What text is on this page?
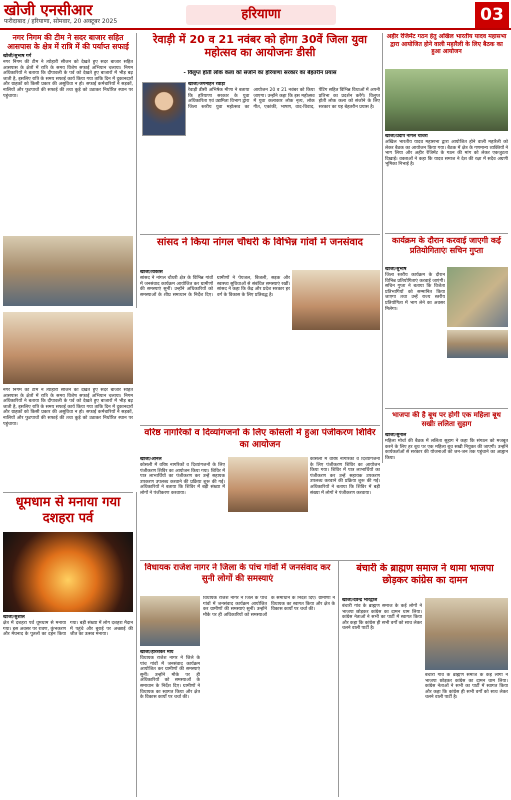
खोजी एनसीआर
फरीदाबाद / हरियाणा, सोमवार, 20 अक्टूबर 2025	हरियाणा	03
नगर निगम की टीम ने सदर बाजार सहित आसपास के क्षेत्र में रात्रि में की पर्याप्त सफाई
खोजी/सुभाष गर्ग
नगर निगम की टीम ने त्योहारी सीजन को देखते हुए सदर बाजार सहित आसपास के क्षेत्रों में रात्रि के समय विशेष सफाई अभियान चलाया। निगम अधिकारियों ने बताया कि दीपावली के पर्व को देखते हुए बाजारों में भीड़ बढ़ जाती है, इसलिए रात्रि के समय सफाई कार्य किया गया ताकि दिन में दुकानदारों और ग्राहकों को किसी प्रकार की असुविधा न हो। सफाई कर्मचारियों ने सड़कों, नालियों और फुटपाथों की सफाई की तथा कूड़े को उठाकर निर्धारित स्थान पर पहुंचाया।
रेवाड़ी में 20 व 21 नवंबर को होगा 30वें जिला युवा महोत्सव का आयोजनः डीसी
- विलुप्त होती लोक कला को संजोने का हरियाणा सरकार का बेहतरीन प्रयास
खोजी/जगमोहन रेवाड़ी
रेवाड़ी डीसी अभिषेक मीणा ने बताया कि हरियाणा सरकार के युवा अधिकारिता एवं उद्यमिता विभाग द्वारा जिला स्तरीय युवा महोत्सव का आयोजन 20 व 21 नवंबर को किया जाएगा। उन्होंने कहा कि इस महोत्सव में युवा कलाकार लोक नृत्य, लोक गीत, एकांकी, भाषण, वाद-विवाद, पेंटिंग सहित विभिन्न विधाओं में अपनी प्रतिभा का प्रदर्शन करेंगे। विलुप्त होती लोक कला को संजोने के लिए सरकार का यह बेहतरीन प्रयास है।
अहीर रेजिमेंट गठन हेतु अखिल भारतीय यादव महासभा द्वारा आयोजित होने वाली महारैली के लिए बैठक का हुआ आयोजन
खोजी/प्रदीप नांगल चौधरी
अखिल भारतीय यादव महासभा द्वारा आयोजित होने वाली महारैली को लेकर बैठक का आयोजन किया गया। बैठक में क्षेत्र के गणमान्य व्यक्तियों ने भाग लिया और अहीर रेजिमेंट के गठन की मांग को लेकर एकजुटता दिखाई। वक्ताओं ने कहा कि यादव समाज ने देश की रक्षा में सदैव अग्रणी भूमिका निभाई है।
सांसद ने किया नांगल चौधरी के विभिन्न गांवों में जनसंवाद
खोजी/विकास
सांसद ने नांगल चौधरी क्षेत्र के विभिन्न गांवों में जनसंवाद कार्यक्रम आयोजित कर ग्रामीणों की समस्याएं सुनीं। उन्होंने अधिकारियों को समस्याओं के शीघ्र समाधान के निर्देश दिए। ग्रामीणों ने पेयजल, बिजली, सड़क और स्वास्थ्य सुविधाओं से संबंधित समस्याएं रखीं। सांसद ने कहा कि केंद्र और प्रदेश सरकार हर वर्ग के विकास के लिए प्रतिबद्ध है।
कार्यक्रम के दौरान करवाई जाएगी कई प्रतियोगिताएंः सचिन गुप्ता
खोजी/सुभाष
जिला स्तरीय कार्यक्रम के दौरान विभिन्न प्रतियोगिताएं करवाई जाएंगी। सचिन गुप्ता ने बताया कि विजेता प्रतिभागियों को सम्मानित किया जाएगा तथा उन्हें राज्य स्तरीय प्रतियोगिता में भाग लेने का अवसर मिलेगा।
भाजपा की है बूथ पर होगी एक महिला बूथ सखीः ललिता सुहाग
खोजी/सुनील
महिला मोर्चा की बैठक में ललिता सुहाग ने कहा कि संगठन को मजबूत करने के लिए हर बूथ पर एक महिला बूथ सखी नियुक्त की जाएगी। उन्होंने कार्यकर्ताओं से सरकार की योजनाओं को जन-जन तक पहुंचाने का आह्वान किया।
नगर निगम की टीम ने त्योहारी सीजन को देखते हुए सदर बाजार सहित आसपास के क्षेत्रों में रात्रि के समय विशेष सफाई अभियान चलाया। निगम अधिकारियों ने बताया कि दीपावली के पर्व को देखते हुए बाजारों में भीड़ बढ़ जाती है, इसलिए रात्रि के समय सफाई कार्य किया गया ताकि दिन में दुकानदारों और ग्राहकों को किसी प्रकार की असुविधा न हो। सफाई कर्मचारियों ने सड़कों, नालियों और फुटपाथों की सफाई की तथा कूड़े को उठाकर निर्धारित स्थान पर पहुंचाया।
वरिष्ठ नागरिकों व दिव्यांगजनों के लिए कोसली में हुआ पंजीकरण शिविर का आयोजन
खोजी/अनिल
कोसली में वरिष्ठ नागरिकों व दिव्यांगजनों के लिए पंजीकरण शिविर का आयोजन किया गया। शिविर में पात्र लाभार्थियों का पंजीकरण कर उन्हें सहायक उपकरण उपलब्ध करवाने की प्रक्रिया शुरू की गई। अधिकारियों ने बताया कि शिविर में बड़ी संख्या में लोगों ने पंजीकरण करवाया।
कोसली में वरिष्ठ नागरिकों व दिव्यांगजनों के लिए पंजीकरण शिविर का आयोजन किया गया। शिविर में पात्र लाभार्थियों का पंजीकरण कर उन्हें सहायक उपकरण उपलब्ध करवाने की प्रक्रिया शुरू की गई। अधिकारियों ने बताया कि शिविर में बड़ी संख्या में लोगों ने पंजीकरण करवाया।
धूमधाम से मनाया गया दशहरा पर्व
खोजी/सुशील
क्षेत्र में दशहरा पर्व धूमधाम से मनाया गया। इस अवसर पर रावण, कुंभकरण और मेघनाद के पुतलों का दहन किया गया। बड़ी संख्या में लोग दशहरा मैदान में पहुंचे और बुराई पर अच्छाई की जीत का उत्सव मनाया।
विधायक राजेश नागर ने जिला के पांच गांवों में जनसंवाद कर सुनी लोगों की समस्याएं
खोजी/हरिशंकर मौर्य
विधायक राजेश नागर ने जिले के पांच गांवों में जनसंवाद कार्यक्रम आयोजित कर ग्रामीणों की समस्याएं सुनीं। उन्होंने मौके पर ही अधिकारियों को समस्याओं के समाधान के निर्देश दिए। ग्रामीणों ने विधायक का स्वागत किया और क्षेत्र के विकास कार्यों पर चर्चा की।
विधायक राजेश नागर ने जिले के पांच गांवों में जनसंवाद कार्यक्रम आयोजित कर ग्रामीणों की समस्याएं सुनीं। उन्होंने मौके पर ही अधिकारियों को समस्याओं के समाधान के निर्देश दिए। ग्रामीणों ने विधायक का स्वागत किया और क्षेत्र के विकास कार्यों पर चर्चा की।
बंचारी के ब्राह्मण समाज ने थामा भाजपा छोड़कर कांग्रेस का दामन
खोजी/देवेन्द्र भारद्वाज
बंचारी गांव के ब्राह्मण समाज के कई लोगों ने भाजपा छोड़कर कांग्रेस का दामन थाम लिया। कांग्रेस नेताओं ने सभी का पार्टी में स्वागत किया और कहा कि कांग्रेस ही सभी वर्गों को साथ लेकर चलने वाली पार्टी है।
बंचारी गांव के ब्राह्मण समाज के कई लोगों ने भाजपा छोड़कर कांग्रेस का दामन थाम लिया। कांग्रेस नेताओं ने सभी का पार्टी में स्वागत किया और कहा कि कांग्रेस ही सभी वर्गों को साथ लेकर चलने वाली पार्टी है।
